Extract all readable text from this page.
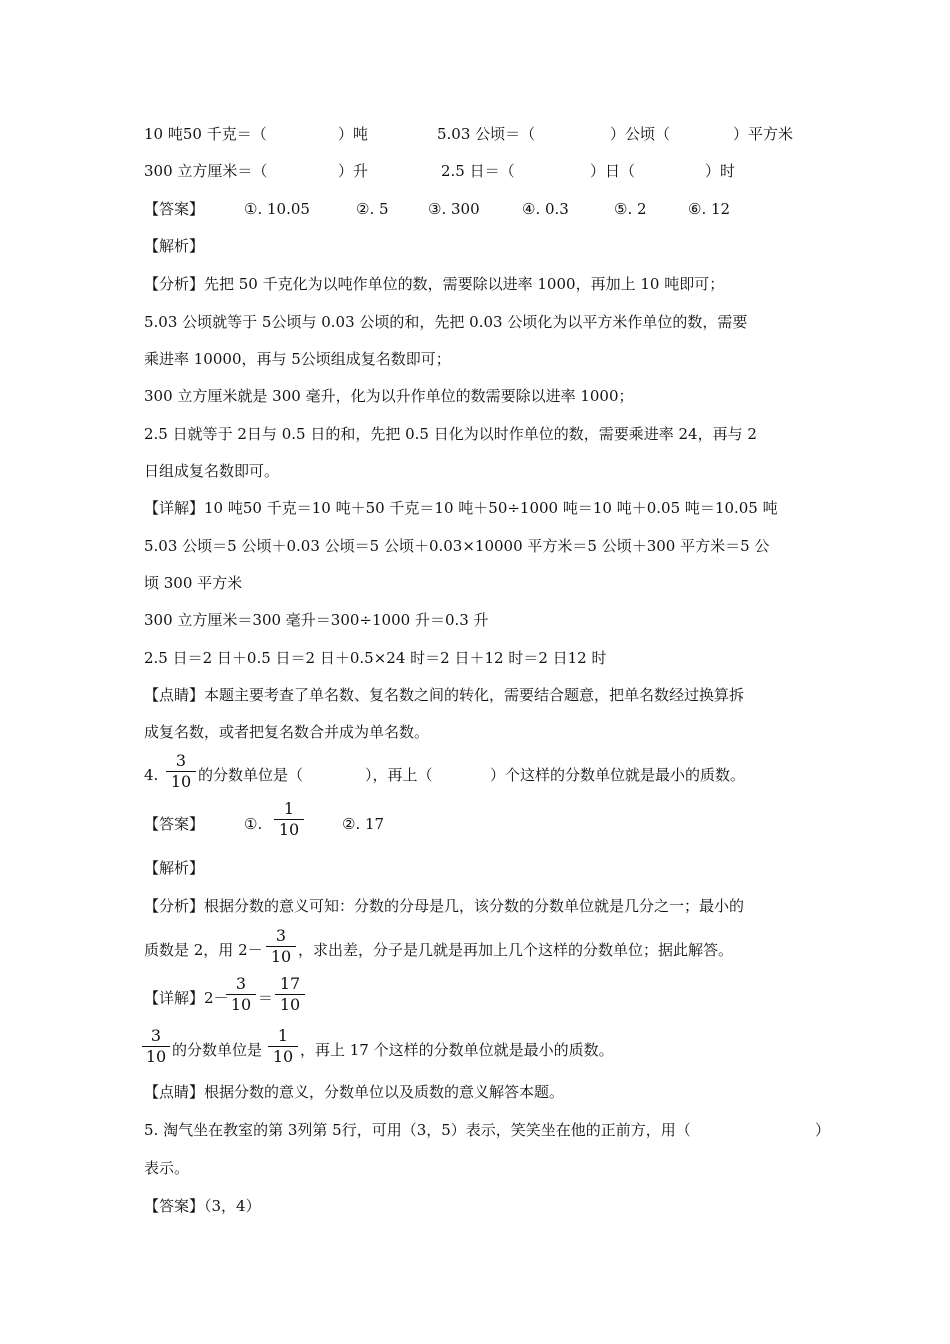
10 吨50 千克＝（	）吨	5.03 公顷＝（	）公顷（	）平方米
300 立方厘米＝（	）升	2.5 日＝（	）日（	）时
【答案】	①. 10.05	②. 5	③. 300	④. 0.3	⑤. 2	⑥. 12
【解析】
【分析】先把 50 千克化为以吨作单位的数，需要除以进率 1000，再加上 10 吨即可；
5.03 公顷就等于 5公顷与 0.03 公顷的和，先把 0.03 公顷化为以平方米作单位的数，需要
乘进率 10000，再与 5公顷组成复名数即可；
300 立方厘米就是 300 毫升，化为以升作单位的数需要除以进率 1000；
2.5 日就等于 2日与 0.5 日的和，先把 0.5 日化为以时作单位的数，需要乘进率 24，再与 2
日组成复名数即可。
【详解】10 吨50 千克＝10 吨＋50 千克＝10 吨＋50÷1000 吨＝10 吨＋0.05 吨＝10.05 吨
5.03 公顷＝5 公顷＋0.03 公顷＝5 公顷＋0.03×10000 平方米＝5 公顷＋300 平方米＝5 公
顷 300 平方米
300 立方厘米＝300 毫升＝300÷1000 升＝0.3 升
2.5 日＝2 日＋0.5 日＝2 日＋0.5×24 时＝2 日＋12 时＝2 日12 时
【点睛】本题主要考查了单名数、复名数之间的转化，需要结合题意，把单名数经过换算拆
成复名数，或者把复名数合并成为单名数。
4.
3
10 的分数单位是（	），再上（	）个这样的分数单位就是最小的质数。
【答案】	①.
1
10	②. 17
【解析】
【分析】根据分数的意义可知：分数的分母是几，该分数的分数单位就是几分之一；最小的
质数是 2，用 2－
3
10 ，求出差，分子是几就是再加上几个这样的分数单位；据此解答。
【详解】2－
3
10 ＝
17
10
3
10 的分数单位是
1
10 ，再上 17 个这样的分数单位就是最小的质数。
【点睛】根据分数的意义，分数单位以及质数的意义解答本题。
5. 淘气坐在教室的第 3列第 5行，可用（3，5）表示，笑笑坐在他的正前方，用（	）
表示。
【答案】（3，4）
